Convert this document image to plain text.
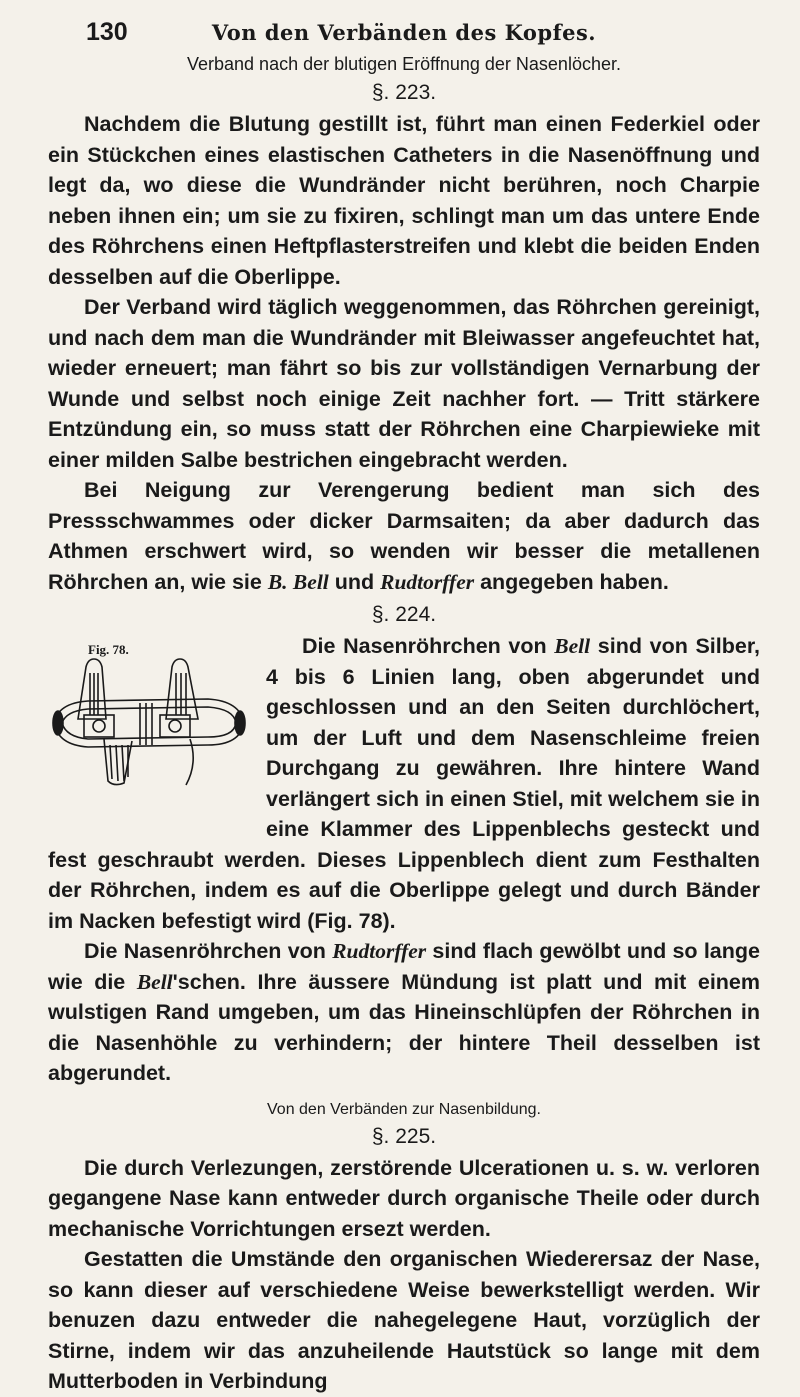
130	Von den Verbänden des Kopfes.
Verband nach der blutigen Eröffnung der Nasenlöcher.
§. 223.

Nachdem die Blutung gestillt ist, führt man einen Federkiel oder ein Stückchen eines elastischen Catheters in die Nasenöffnung und legt da, wo diese die Wundränder nicht berühren, noch Charpie neben ihnen ein; um sie zu fixiren, schlingt man um das untere Ende des Röhrchens einen Heftpflasterstreifen und klebt die beiden Enden desselben auf die Oberlippe.

Der Verband wird täglich weggenommen, das Röhrchen gereinigt, und nach dem man die Wundränder mit Bleiwasser angefeuchtet hat, wieder erneuert; man fährt so bis zur vollständigen Vernarbung der Wunde und selbst noch einige Zeit nachher fort. — Tritt stärkere Entzündung ein, so muss statt der Röhrchen eine Charpiewieke mit einer milden Salbe bestrichen eingebracht werden.

Bei Neigung zur Verengerung bedient man sich des Pressschwammes oder dicker Darmsaiten; da aber dadurch das Athmen erschwert wird, so wenden wir besser die metallenen Röhrchen an, wie sie B. Bell und Rudtorffer angegeben haben.

§. 224.

Die Nasenröhrchen von Bell
Fig. 78.	sind von Silber, 4 bis 6 Linien lang, oben abgerundet und geschlossen und an den Seiten durchlöchert, um der Luft und dem Nasenschleime freien Durchgang zu gewähren. Ihre hintere Wand verlängert sich in einen Stiel, mit welchem sie in eine Klammer des Lippenblechs gesteckt und fest geschraubt werden. Dieses Lippenblech dient zum Festhalten der Röhrchen, indem es auf die Oberlippe gelegt und durch Bänder im Nacken befestigt wird (Fig. 78).

Die Nasenröhrchen von Rudtorffer sind flach gewölbt und so lange wie die Bell'schen. Ihre äussere Mündung ist platt und mit einem wulstigen Rand umgeben, um das Hineinschlüpfen der Röhrchen in die Nasenhöhle zu verhindern; der hintere Theil desselben ist abgerundet.

Von den Verbänden zur Nasenbildung.
§. 225.

Die durch Verlezungen, zerstörende Ulcerationen u. s. w. verloren gegangene Nase kann entweder durch organische Theile oder durch mechanische Vorrichtungen ersezt werden.

Gestatten die Umstände den organischen Wiederersaz der Nase, so kann dieser auf verschiedene Weise bewerkstelligt werden. Wir benuzen dazu entweder die nahegelegene Haut, vorzüglich der Stirne, indem wir das anzuheilende Hautstück so lange mit dem Mutterboden in Verbindung
